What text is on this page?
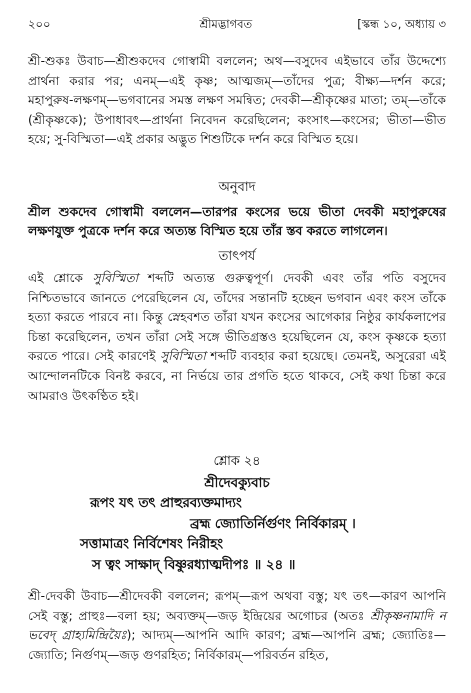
২০০	শ্রীমদ্ভাগবত	[স্কন্ধ ১০, অধ্যায় ৩

শ্রী-শুকঃ উবাচ—শ্রীশুকদেব গোস্বামী বললেন; অথ—বসুদেব এইভাবে তাঁর উদ্দেশ্যে প্রার্থনা করার পর; এনম্—এই কৃষ্ণ; আত্মজম্—তাঁদের পুত্র; বীক্ষ্য—দর্শন করে; মহাপুরুষ-লক্ষণম্—ভগবানের সমস্ত লক্ষণ সমন্বিত; দেবকী—শ্রীকৃষ্ণের মাতা; তম্—তাঁকে (শ্রীকৃষ্ণকে); উপাধাবৎ—প্রার্থনা নিবেদন করেছিলেন; কংসাৎ—কংসের; ভীতা—ভীত হয়ে; সু-বিস্মিতা—এই প্রকার অদ্ভুত শিশুটিকে দর্শন করে বিস্মিত হয়ে।

অনুবাদ

শ্রীল শুকদেব গোস্বামী বললেন—তারপর কংসের ভয়ে ভীতা দেবকী মহাপুরুষের লক্ষণযুক্ত পুত্রকে দর্শন করে অত্যন্ত বিস্মিত হয়ে তাঁর স্তব করতে লাগলেন।

তাৎপর্য

এই শ্লোকে সুবিস্মিতা শব্দটি অত্যন্ত গুরুত্বপূর্ণ। দেবকী এবং তাঁর পতি বসুদেব নিশ্চিতভাবে জানতে পেরেছিলেন যে, তাঁদের সন্তানটি হচ্ছেন ভগবান এবং কংস তাঁকে হত্যা করতে পারবে না। কিন্তু স্নেহবশত তাঁরা যখন কংসের আগেকার নিষ্ঠুর কার্যকলাপের চিন্তা করেছিলেন, তখন তাঁরা সেই সঙ্গে ভীতিগ্রস্তও হয়েছিলেন যে, কংস কৃষ্ণকে হত্যা করতে পারে। সেই কারণেই সুবিস্মিতা শব্দটি ব্যবহার করা হয়েছে। তেমনই, অসুরেরা এই আন্দোলনটিকে বিনষ্ট করবে, না নির্ভয়ে তার প্রগতি হতে থাকবে, সেই কথা চিন্তা করে আমরাও উৎকণ্ঠিত হই।

শ্লোক ২৪
শ্রীদেবক্যুবাচ
রূপং যৎ তৎ প্রাহুরব্যক্তমাদ্যং
ব্রহ্ম জ্যোতির্নির্গুণং নির্বিকারম্ ।
সত্তামাত্রং নির্বিশেষং নিরীহং
স ত্বং সাক্ষাদ্ বিষ্ণুরধ্যাত্মদীপঃ ॥ ২৪ ॥

শ্রী-দেবকী উবাচ—শ্রীদেবকী বললেন; রূপম্—রূপ অথবা বস্তু; যৎ তৎ—কারণ আপনি সেই বস্তু; প্রাহুঃ—বলা হয়; অব্যক্তম্—জড় ইন্দ্রিয়ের অগোচর (অতঃ শ্রীকৃষ্ণনামাদি ন ভবেদ্ গ্রাহ্যমিন্দ্রিয়ৈঃ); আদ্যম্—আপনি আদি কারণ; ব্রহ্ম—আপনি ব্রহ্ম; জ্যোতিঃ—জ্যোতি; নির্গুণম্—জড় গুণরহিত; নির্বিকারম্—পরিবর্তন রহিত,
